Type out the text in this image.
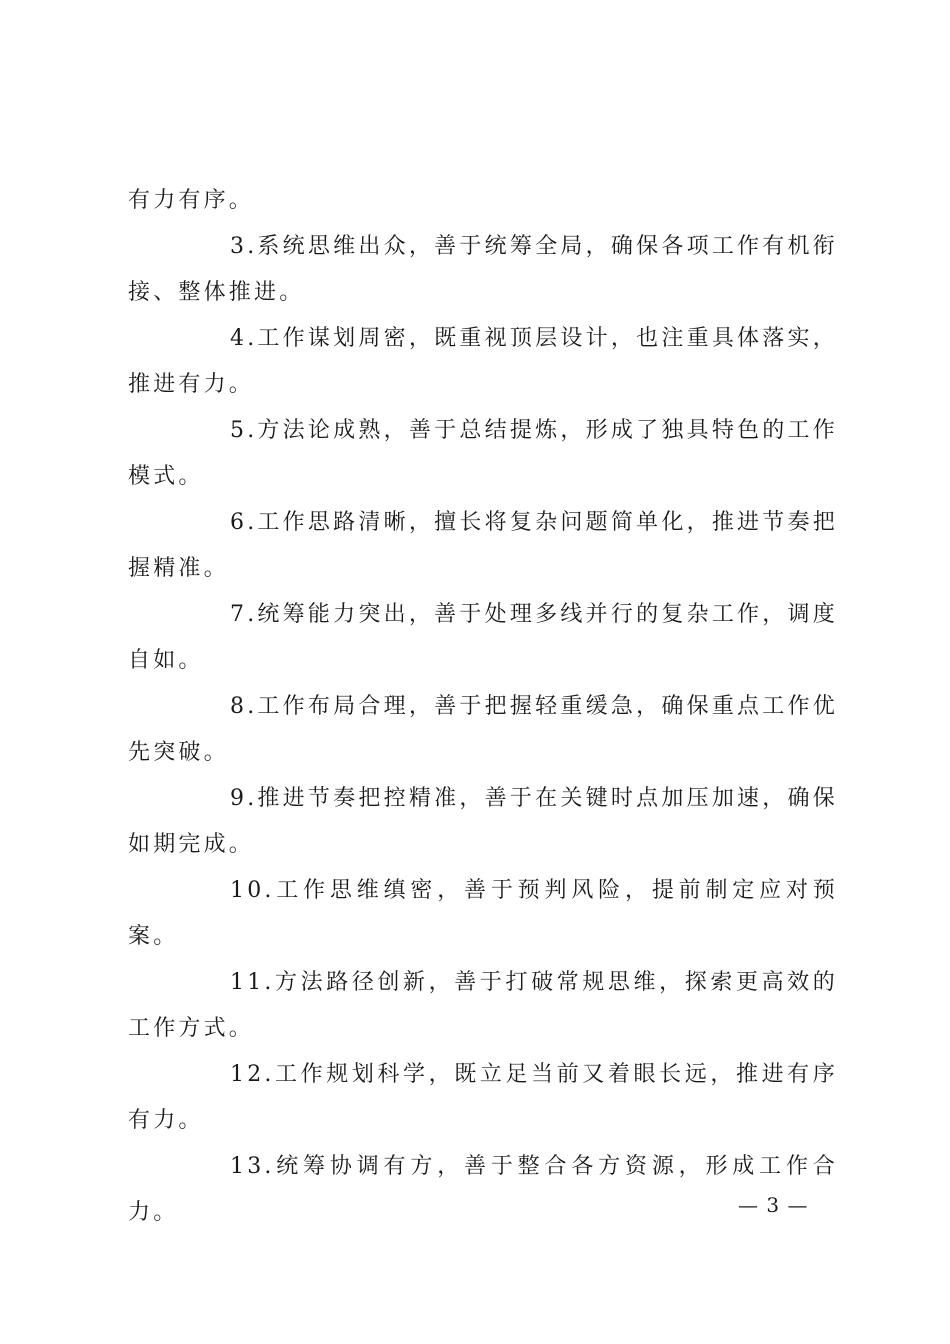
有力有序。

3.系统思维出众，善于统筹全局，确保各项工作有机衔接、整体推进。

4.工作谋划周密，既重视顶层设计，也注重具体落实，推进有力。

5.方法论成熟，善于总结提炼，形成了独具特色的工作模式。

6.工作思路清晰，擅长将复杂问题简单化，推进节奏把握精准。

7.统筹能力突出，善于处理多线并行的复杂工作，调度自如。

8.工作布局合理，善于把握轻重缓急，确保重点工作优先突破。

9.推进节奏把控精准，善于在关键时点加压加速，确保如期完成。

10.工作思维缜密，善于预判风险，提前制定应对预案。

11.方法路径创新，善于打破常规思维，探索更高效的工作方式。

12.工作规划科学，既立足当前又着眼长远，推进有序有力。

13.统筹协调有方，善于整合各方资源，形成工作合力。	— 3 —
